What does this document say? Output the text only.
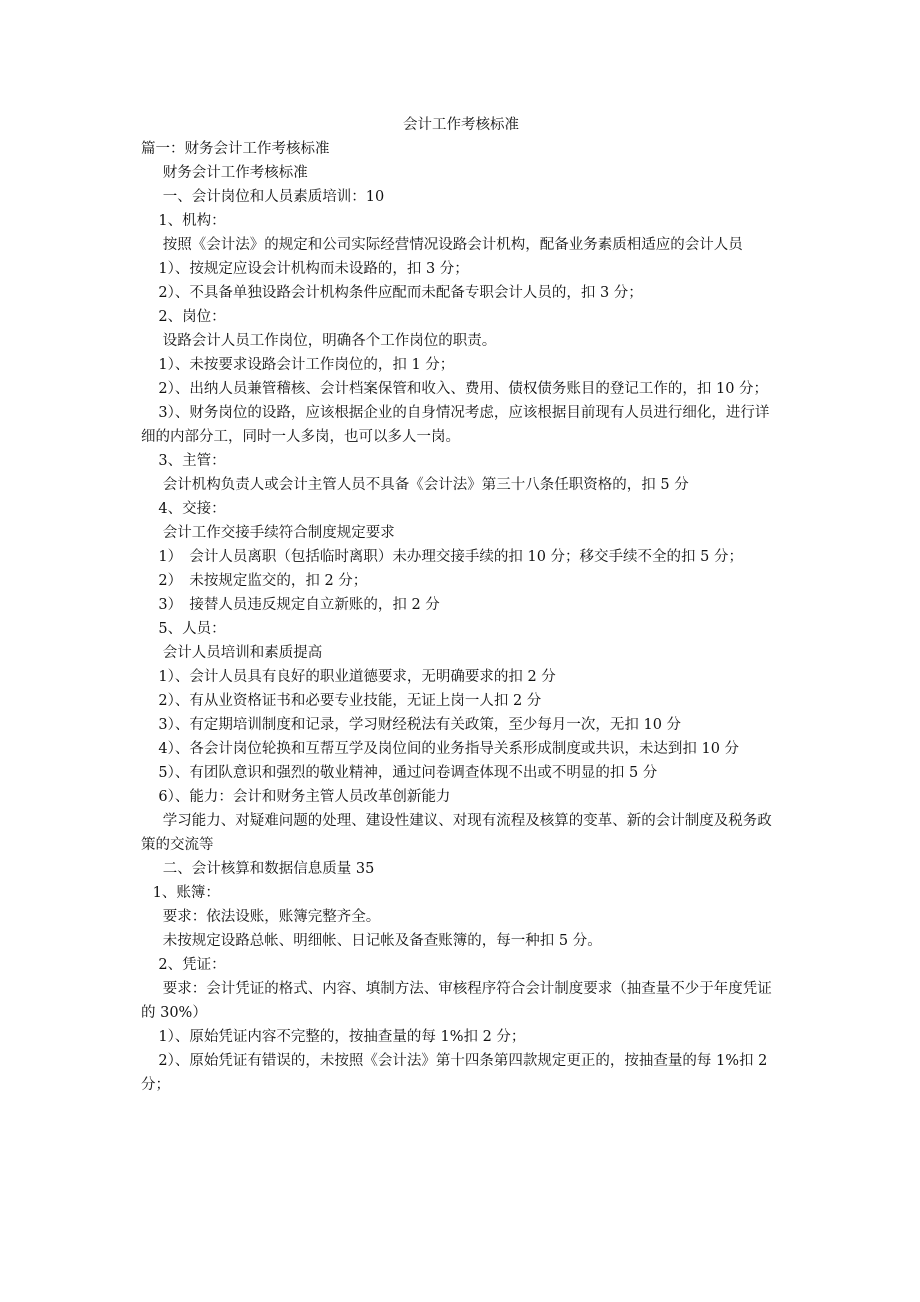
会计工作考核标准
篇一：财务会计工作考核标准
财务会计工作考核标准
一、会计岗位和人员素质培训：10
1、机构：
按照《会计法》的规定和公司实际经营情况设路会计机构，配备业务素质相适应的会计人员
1）、按规定应设会计机构而未设路的，扣 3 分；
2）、不具备单独设路会计机构条件应配而未配备专职会计人员的，扣 3 分；
2、岗位：
设路会计人员工作岗位，明确各个工作岗位的职责。
1）、未按要求设路会计工作岗位的，扣 1 分；
2）、出纳人员兼管稽核、会计档案保管和收入、费用、债权债务账目的登记工作的，扣 10 分；
3）、财务岗位的设路，应该根据企业的自身情况考虑，应该根据目前现有人员进行细化，进行详细的内部分工，同时一人多岗，也可以多人一岗。
3、主管：
会计机构负责人或会计主管人员不具备《会计法》第三十八条任职资格的，扣 5 分
4、交接：
会计工作交接手续符合制度规定要求
1）　会计人员离职（包括临时离职）未办理交接手续的扣 10 分；移交手续不全的扣 5 分；
2）　未按规定监交的，扣 2 分；
3）　接替人员违反规定自立新账的，扣 2 分
5、人员：
会计人员培训和素质提高
1）、会计人员具有良好的职业道德要求，无明确要求的扣 2 分
2）、有从业资格证书和必要专业技能，无证上岗一人扣 2 分
3）、有定期培训制度和记录，学习财经税法有关政策，至少每月一次，无扣 10 分
4）、各会计岗位轮换和互帮互学及岗位间的业务指导关系形成制度或共识，未达到扣 10 分
5）、有团队意识和强烈的敬业精神，通过问卷调查体现不出或不明显的扣 5 分
6）、能力：会计和财务主管人员改革创新能力
学习能力、对疑难问题的处理、建设性建议、对现有流程及核算的变革、新的会计制度及税务政策的交流等
二、会计核算和数据信息质量 35
1、账簿：
要求：依法设账，账簿完整齐全。
未按规定设路总帐、明细帐、日记帐及备查账簿的，每一种扣 5 分。
2、凭证：
要求：会计凭证的格式、内容、填制方法、审核程序符合会计制度要求（抽查量不少于年度凭证的 30%）
1）、原始凭证内容不完整的，按抽查量的每 1%扣 2 分；
2）、原始凭证有错误的，未按照《会计法》第十四条第四款规定更正的，按抽查量的每 1%扣 2 分；
